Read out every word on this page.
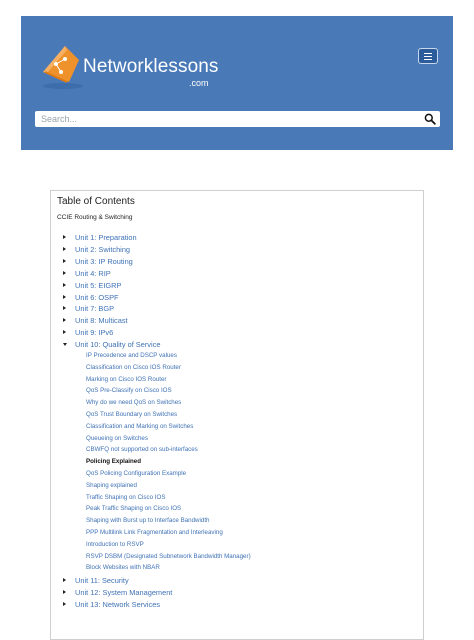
Networklessons
.com
Search...
Table of Contents
CCIE Routing & Switching
Unit 1: Preparation
Unit 2: Switching
Unit 3: IP Routing
Unit 4: RIP
Unit 5: EIGRP
Unit 6: OSPF
Unit 7: BGP
Unit 8: Multicast
Unit 9: IPv6
Unit 10: Quality of Service
IP Precedence and DSCP values
Classification on Cisco IOS Router
Marking on Cisco IOS Router
QoS Pre-Classify on Cisco IOS
Why do we need QoS on Switches
QoS Trust Boundary on Switches
Classification and Marking on Switches
Queueing on Switches
CBWFQ not supported on sub-interfaces
Policing Explained
QoS Policing Configuration Example
Shaping explained
Traffic Shaping on Cisco IOS
Peak Traffic Shaping on Cisco IOS
Shaping with Burst up to Interface Bandwidth
PPP Multilink Link Fragmentation and Interleaving
Introduction to RSVP
RSVP DSBM (Designated Subnetwork Bandwidth Manager)
Block Websites with NBAR
Unit 11: Security
Unit 12: System Management
Unit 13: Network Services
